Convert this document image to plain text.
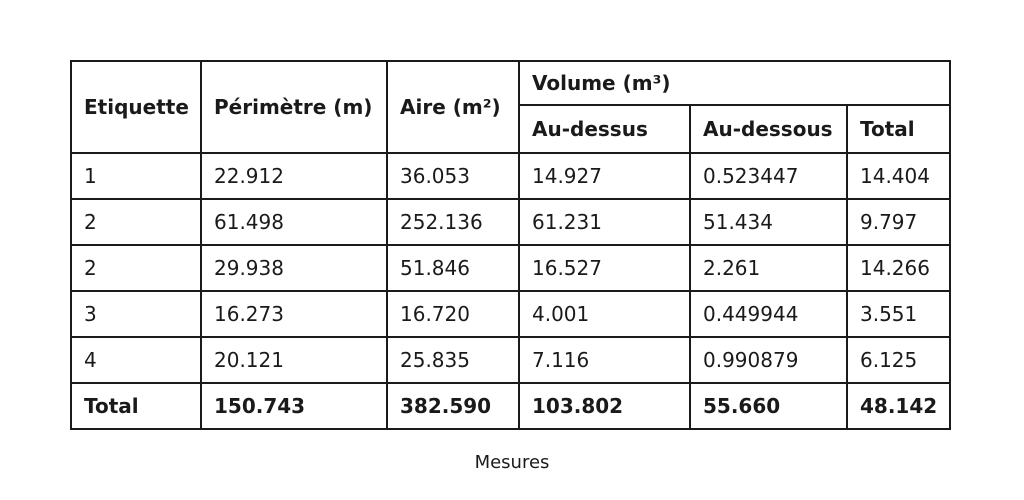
Etiquette	Périmètre (m)	Aire (m²)	Volume (m³)		
			Au-dessus	Au-dessous	Total
1	22.912	36.053	14.927	0.523447	14.404
2	61.498	252.136	61.231	51.434	9.797
2	29.938	51.846	16.527	2.261	14.266
3	16.273	16.720	4.001	0.449944	3.551
4	20.121	25.835	7.116	0.990879	6.125
Total	150.743	382.590	103.802	55.660	48.142
Mesures
